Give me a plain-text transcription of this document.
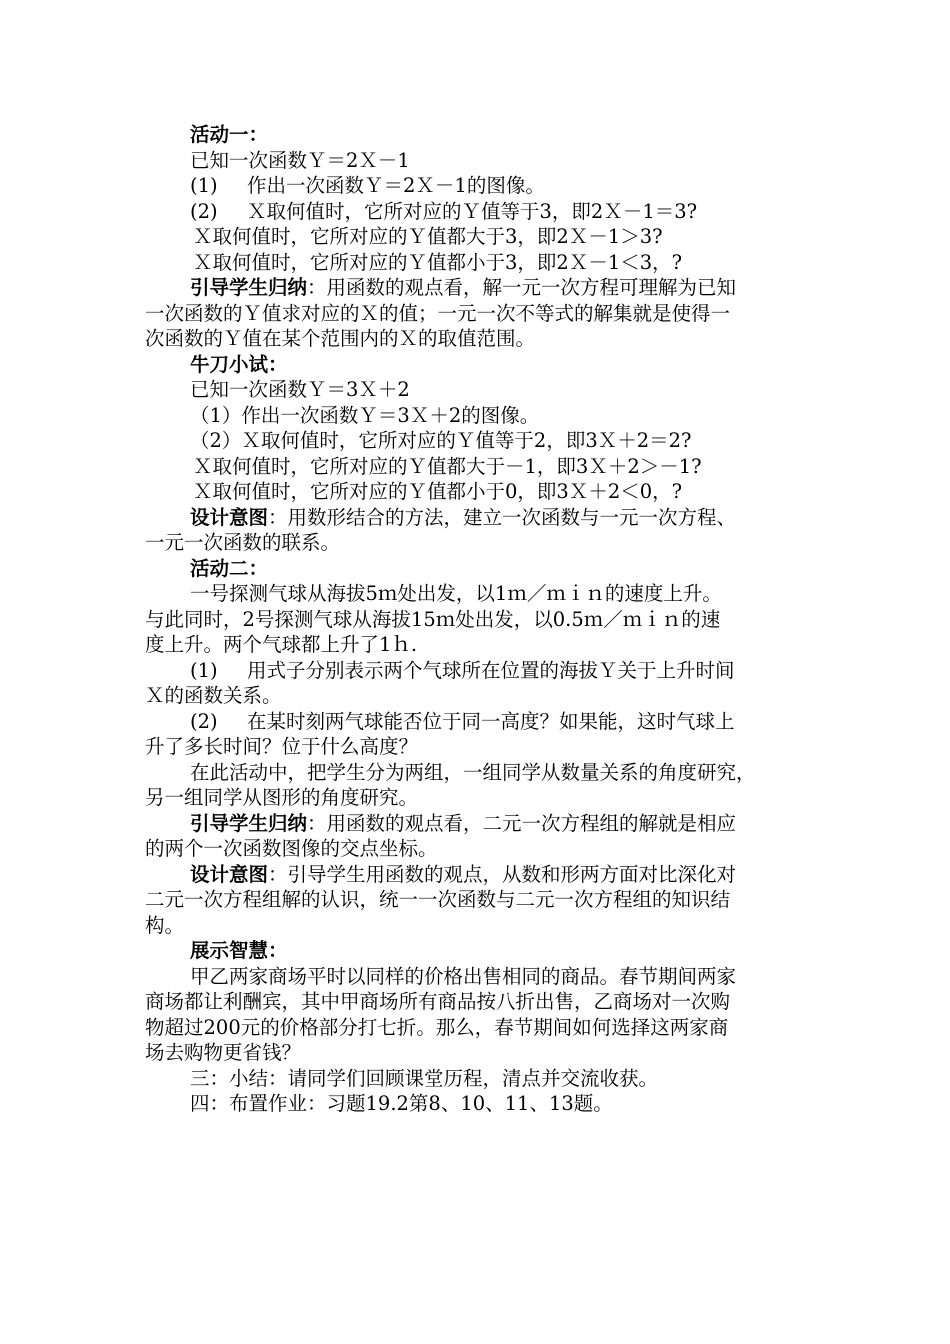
活动一：
已知一次函数Ｙ＝2Ｘ－1
(1) 作出一次函数Ｙ＝2Ｘ－1的图像。
(2) Ｘ取何值时，它所对应的Ｙ值等于3，即2Ｘ－1＝3?
Ｘ取何值时，它所对应的Ｙ值都大于3，即2Ｘ－1＞3?
Ｘ取何值时，它所对应的Ｙ值都小于3，即2Ｘ－1＜3，?
引导学生归纳：用函数的观点看，解一元一次方程可理解为已知
一次函数的Ｙ值求对应的Ｘ的值；一元一次不等式的解集就是使得一
次函数的Ｙ值在某个范围内的Ｘ的取值范围。
牛刀小试：
已知一次函数Ｙ＝3Ｘ＋2
（1）作出一次函数Ｙ＝3Ｘ＋2的图像。
（2）Ｘ取何值时，它所对应的Ｙ值等于2，即3Ｘ＋2＝2?
Ｘ取何值时，它所对应的Ｙ值都大于－1，即3Ｘ＋2＞－1?
Ｘ取何值时，它所对应的Ｙ值都小于0，即3Ｘ＋2＜0，?
设计意图：用数形结合的方法，建立一次函数与一元一次方程、
一元一次函数的联系。
活动二：
一号探测气球从海拔5ｍ处出发，以1ｍ／ｍｉｎ的速度上升。
与此同时，2号探测气球从海拔15ｍ处出发，以0.5ｍ／ｍｉｎ的速
度上升。两个气球都上升了1ｈ.
(1) 用式子分别表示两个气球所在位置的海拔Ｙ关于上升时间
Ｘ的函数关系。
(2) 在某时刻两气球能否位于同一高度？如果能，这时气球上
升了多长时间？位于什么高度？
在此活动中，把学生分为两组，一组同学从数量关系的角度研究，
另一组同学从图形的角度研究。
引导学生归纳：用函数的观点看，二元一次方程组的解就是相应
的两个一次函数图像的交点坐标。
设计意图：引导学生用函数的观点，从数和形两方面对比深化对
二元一次方程组解的认识，统一一次函数与二元一次方程组的知识结
构。
展示智慧：
甲乙两家商场平时以同样的价格出售相同的商品。春节期间两家
商场都让利酬宾，其中甲商场所有商品按八折出售，乙商场对一次购
物超过200元的价格部分打七折。那么，春节期间如何选择这两家商
场去购物更省钱？
三：小结：请同学们回顾课堂历程，清点并交流收获。
四：布置作业：习题19.2第8、10、11、13题。
